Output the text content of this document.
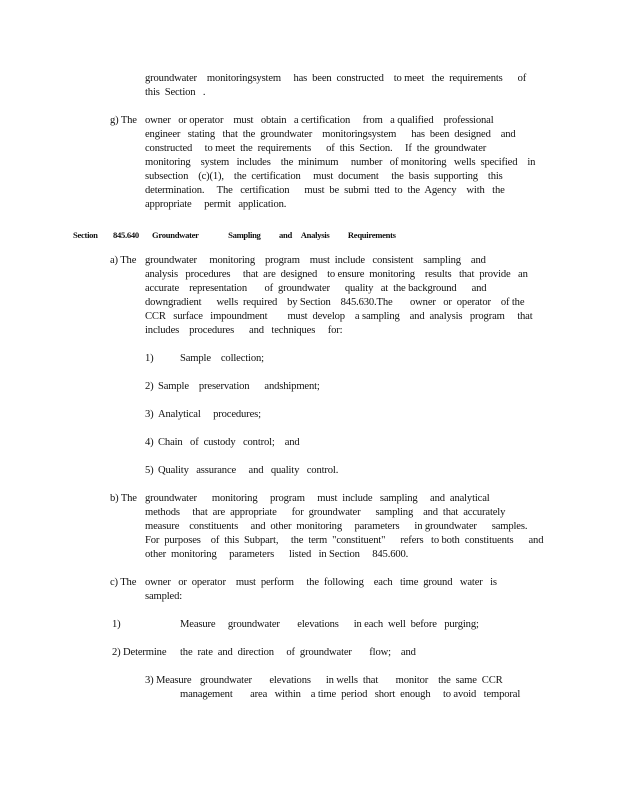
groundwater    monitoringsystem     has  been  constructed    to meet   the  requirements      of
this  Section   .
g) The owner   or operator    must   obtain   a certification     from   a qualified    professional
engineer   stating   that  the  groundwater    monitoringsystem      has  been  designed    and
constructed     to meet  the  requirements      of  this  Section.     If  the  groundwater
monitoring    system   includes    the  minimum     number   of monitoring   wells  specified    in
subsection    (c)(1),    the  certification     must  document     the  basis  supporting    this
determination.     The   certification      must  be  submi  tted  to  the  Agency    with   the
appropriate     permit   application.
Section 845.640 Groundwater                Sampling          and     Analysis          Requirements
a) The groundwater     monitoring    program    must  include   consistent    sampling    and
analysis   procedures     that  are  designed    to ensure  monitoring    results   that  provide   an
accurate    representation       of  groundwater      quality   at  the background      and
downgradient      wells  required    by Section    845.630.The       owner   or  operator    of the
CCR   surface   impoundment        must  develop    a sampling    and  analysis   program     that
includes    procedures      and   techniques     for:
1) Sample    collection;
2) Sample    preservation      andshipment;
3) Analytical     procedures;
4) Chain   of  custody   control;    and
5) Quality   assurance     and   quality   control.
b) The groundwater      monitoring     program     must  include   sampling     and  analytical
methods     that  are  appropriate      for  groundwater      sampling    and  that  accurately
measure    constituents     and  other  monitoring     parameters      in groundwater      samples.
For  purposes    of  this  Subpart,     the  term  "constituent"      refers   to both  constituents      and
other  monitoring     parameters      listed   in Section     845.600.
c) The owner   or  operator    must  perform     the  following    each   time  ground   water   is
sampled:
1)	Measure     groundwater       elevations      in each  well  before   purging;
2) Determine the  rate  and  direction     of  groundwater       flow;    and
3) Measure groundwater       elevations      in wells  that       monitor    the  same  CCR
management       area   within    a time  period   short  enough     to avoid   temporal
